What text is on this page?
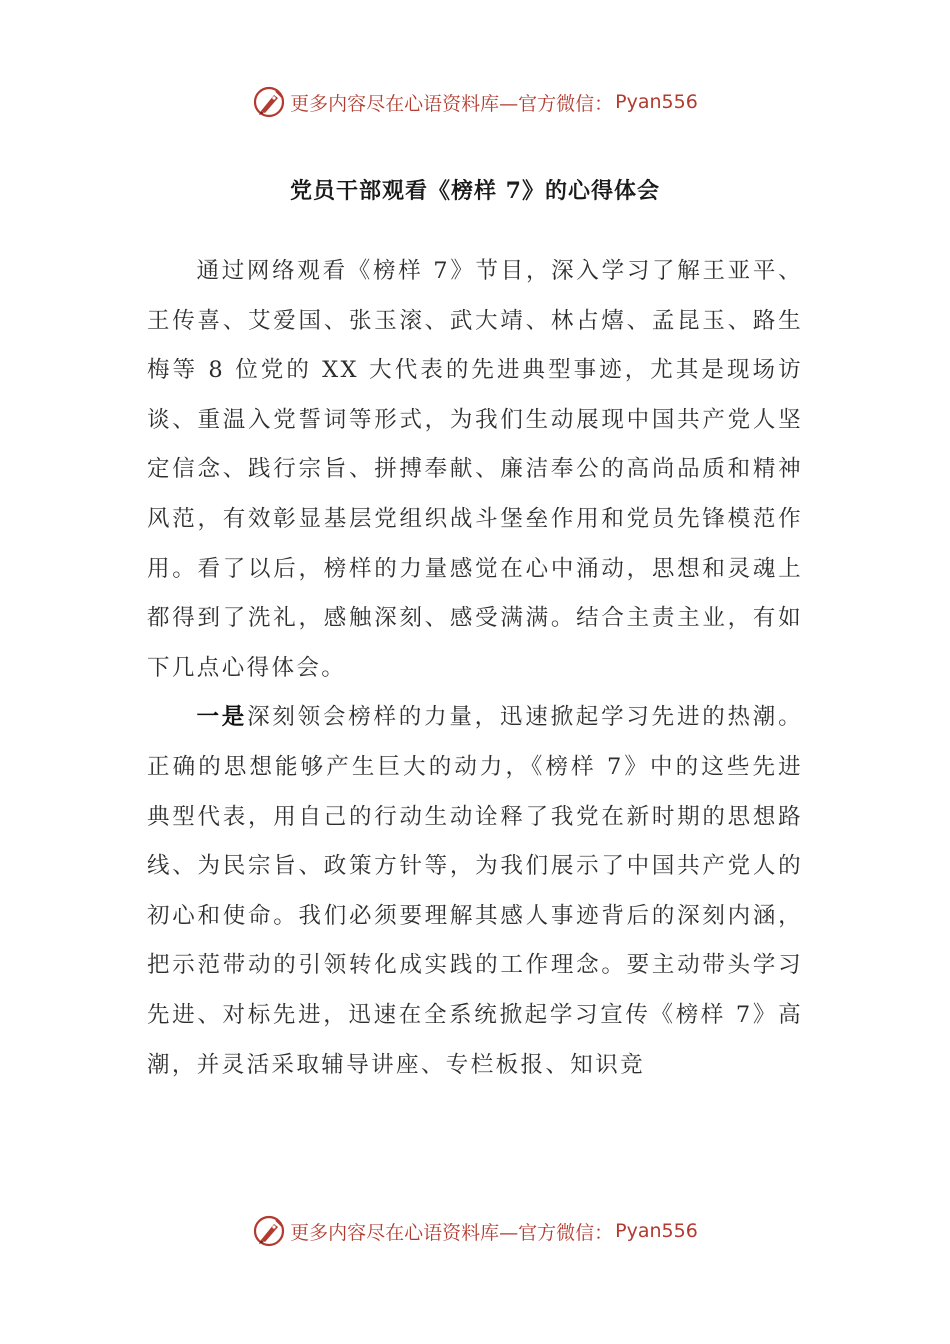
更多内容尽在心语资料库—官方微信： Pyan556
党员干部观看《榜样 7》的心得体会

通过网络观看《榜样 7》节目，深入学习了解王亚平、王传喜、艾爱国、张玉滚、武大靖、林占熺、孟昆玉、路生梅等 8 位党的 XX 大代表的先进典型事迹，尤其是现场访谈、重温入党誓词等形式，为我们生动展现中国共产党人坚定信念、践行宗旨、拼搏奉献、廉洁奉公的高尚品质和精神风范，有效彰显基层党组织战斗堡垒作用和党员先锋模范作用。看了以后，榜样的力量感觉在心中涌动，思想和灵魂上都得到了洗礼，感触深刻、感受满满。结合主责主业，有如下几点心得体会。

一是深刻领会榜样的力量，迅速掀起学习先进的热潮。正确的思想能够产生巨大的动力，《榜样 7》中的这些先进典型代表，用自己的行动生动诠释了我党在新时期的思想路线、为民宗旨、政策方针等，为我们展示了中国共产党人的初心和使命。我们必须要理解其感人事迹背后的深刻内涵，把示范带动的引领转化成实践的工作理念。要主动带头学习先进、对标先进，迅速在全系统掀起学习宣传《榜样 7》高潮，并灵活采取辅导讲座、专栏板报、知识竞

更多内容尽在心语资料库—官方微信： Pyan556
